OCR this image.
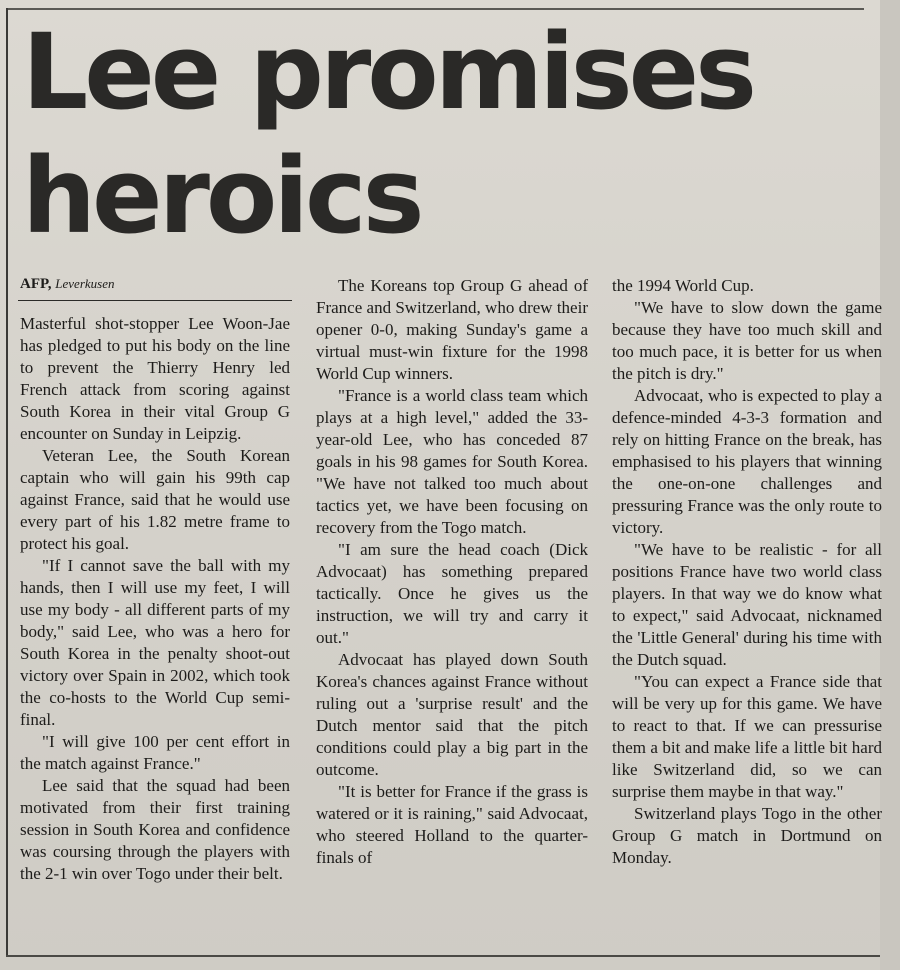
Lee promises
heroics
AFP, Leverkusen

Masterful shot-stopper Lee Woon-Jae has pledged to put his body on the line to prevent the Thierry Henry led French attack from scoring against South Korea in their vital Group G encounter on Sunday in Leipzig.

Veteran Lee, the South Korean captain who will gain his 99th cap against France, said that he would use every part of his 1.82 metre frame to protect his goal.

"If I cannot save the ball with my hands, then I will use my feet, I will use my body - all different parts of my body," said Lee, who was a hero for South Korea in the penalty shoot-out victory over Spain in 2002, which took the co-hosts to the World Cup semi-final.

"I will give 100 per cent effort in the match against France."

Lee said that the squad had been motivated from their first training session in South Korea and confidence was coursing through the players with the 2-1 win over Togo under their belt.

The Koreans top Group G ahead of France and Switzerland, who drew their opener 0-0, making Sunday's game a virtual must-win fixture for the 1998 World Cup winners.

"France is a world class team which plays at a high level," added the 33-year-old Lee, who has conceded 87 goals in his 98 games for South Korea. "We have not talked too much about tactics yet, we have been focusing on recovery from the Togo match.

"I am sure the head coach (Dick Advocaat) has something prepared tactically. Once he gives us the instruction, we will try and carry it out."

Advocaat has played down South Korea's chances against France without ruling out a 'surprise result' and the Dutch mentor said that the pitch conditions could play a big part in the outcome.

"It is better for France if the grass is watered or it is raining," said Advocaat, who steered Holland to the quarter-finals of

the 1994 World Cup.

"We have to slow down the game because they have too much skill and too much pace, it is better for us when the pitch is dry."

Advocaat, who is expected to play a defence-minded 4-3-3 formation and rely on hitting France on the break, has emphasised to his players that winning the one-on-one challenges and pressuring France was the only route to victory.

"We have to be realistic - for all positions France have two world class players. In that way we do know what to expect," said Advocaat, nicknamed the 'Little General' during his time with the Dutch squad.

"You can expect a France side that will be very up for this game. We have to react to that. If we can pressurise them a bit and make life a little bit hard like Switzerland did, so we can surprise them maybe in that way."

Switzerland plays Togo in the other Group G match in Dortmund on Monday.
